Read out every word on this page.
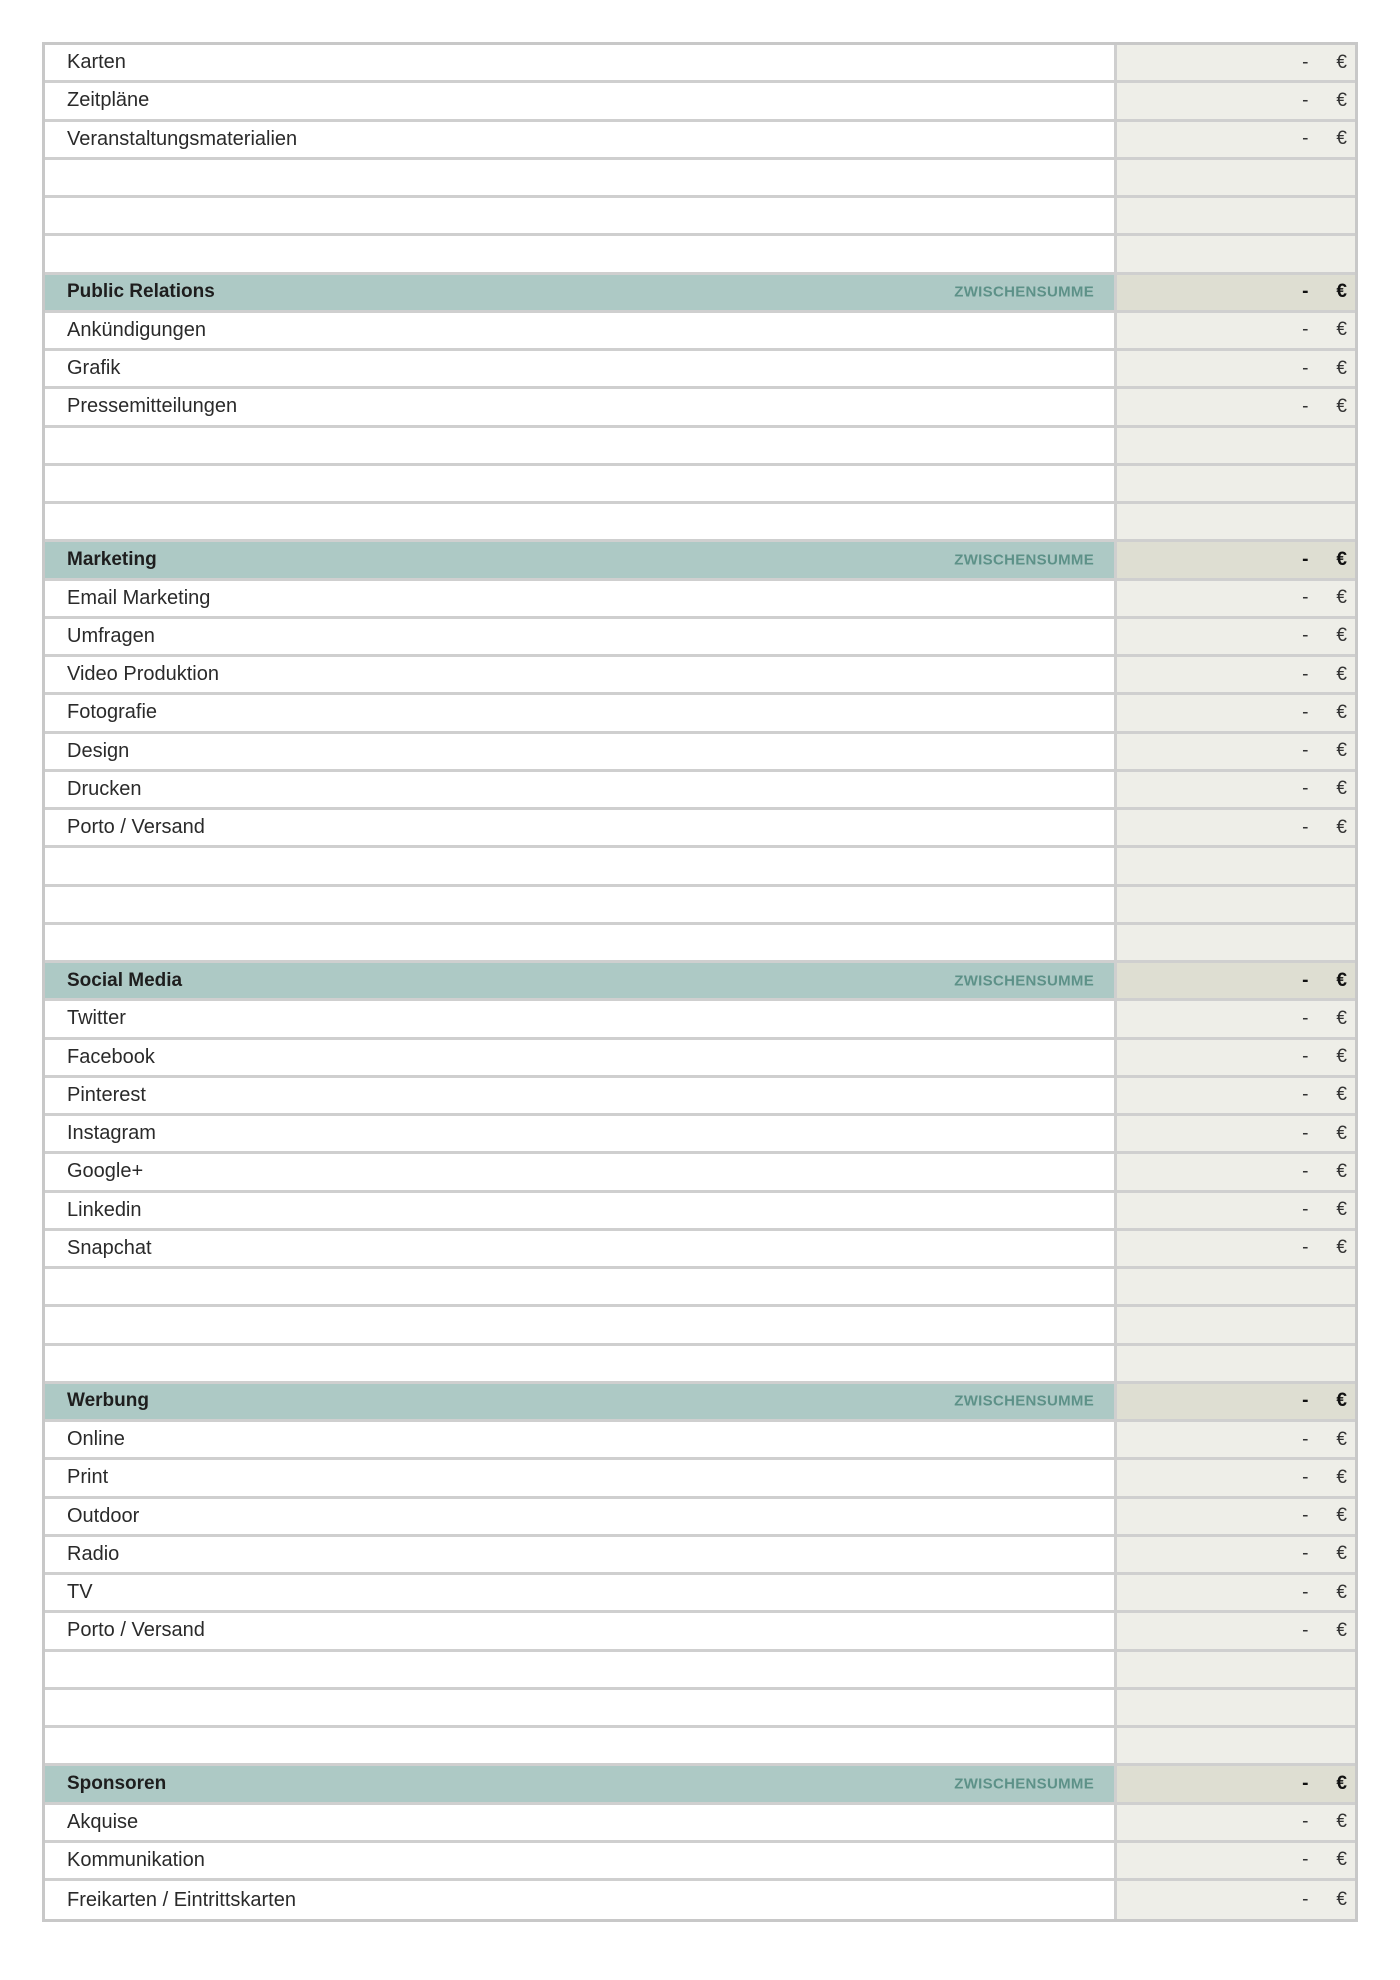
Karten	- €
Zeitpläne	- €
Veranstaltungsmaterialien	- €
Public Relations	ZWISCHENSUMME	- €
Ankündigungen	- €
Grafik	- €
Pressemitteilungen	- €
Marketing	ZWISCHENSUMME	- €
Email Marketing	- €
Umfragen	- €
Video Produktion	- €
Fotografie	- €
Design	- €
Drucken	- €
Porto / Versand	- €
Social Media	ZWISCHENSUMME	- €
Twitter	- €
Facebook	- €
Pinterest	- €
Instagram	- €
Google+	- €
Linkedin	- €
Snapchat	- €
Werbung	ZWISCHENSUMME	- €
Online	- €
Print	- €
Outdoor	- €
Radio	- €
TV	- €
Porto / Versand	- €
Sponsoren	ZWISCHENSUMME	- €
Akquise	- €
Kommunikation	- €
Freikarten / Eintrittskarten	- €
